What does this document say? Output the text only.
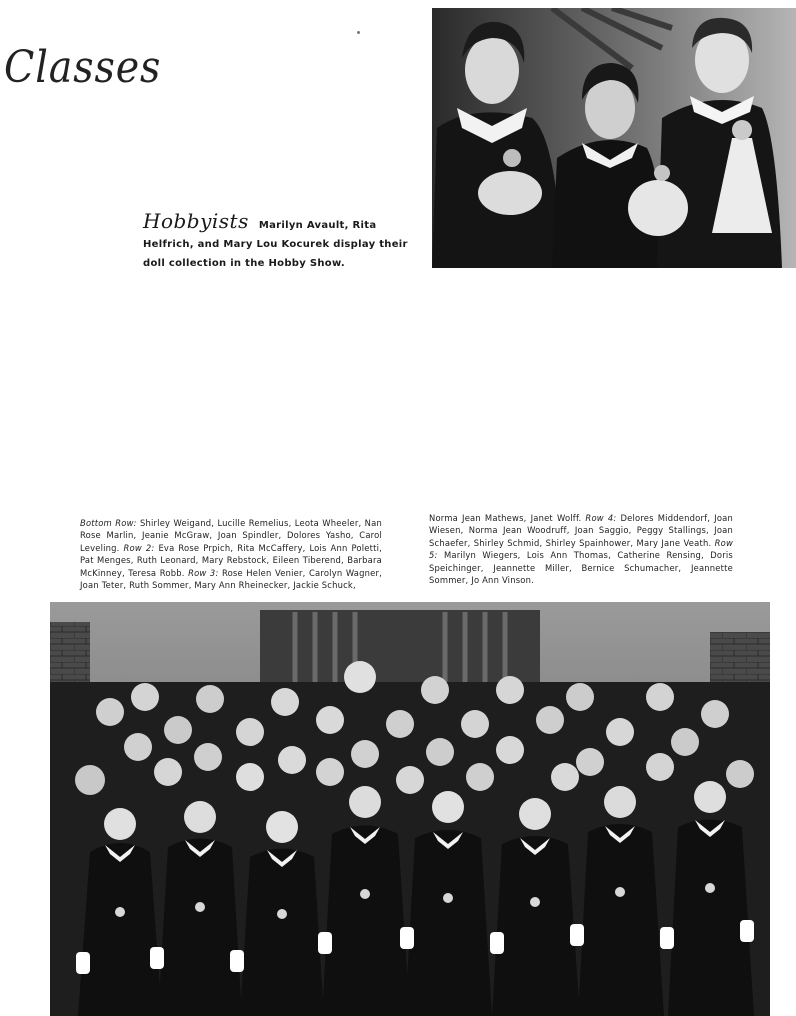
Classes
Hobbyists Marilyn Avault, Rita Helfrich, and Mary Lou Kocurek display their doll collection in the Hobby Show.
Bottom Row: Shirley Weigand, Lucille Remelius, Leota Wheeler, Nan Rose Marlin, Jeanie McGraw, Joan Spindler, Dolores Yasho, Carol Leveling. Row 2: Eva Rose Prpich, Rita McCaffery, Lois Ann Poletti, Pat Menges, Ruth Leonard, Mary Rebstock, Eileen Tiberend, Barbara McKinney, Teresa Robb. Row 3: Rose Helen Venier, Carolyn Wagner, Joan Teter, Ruth Sommer, Mary Ann Rheinecker, Jackie Schuck,
Norma Jean Mathews, Janet Wolff. Row 4: Delores Middendorf, Joan Wiesen, Norma Jean Woodruff, Joan Saggio, Peggy Stallings, Joan Schaefer, Shirley Schmid, Shirley Spainhower, Mary Jane Veath. Row 5: Marilyn Wiegers, Lois Ann Thomas, Catherine Rensing, Doris Speichinger, Jeannette Miller, Bernice Schumacher, Jeannette Sommer, Jo Ann Vinson.
